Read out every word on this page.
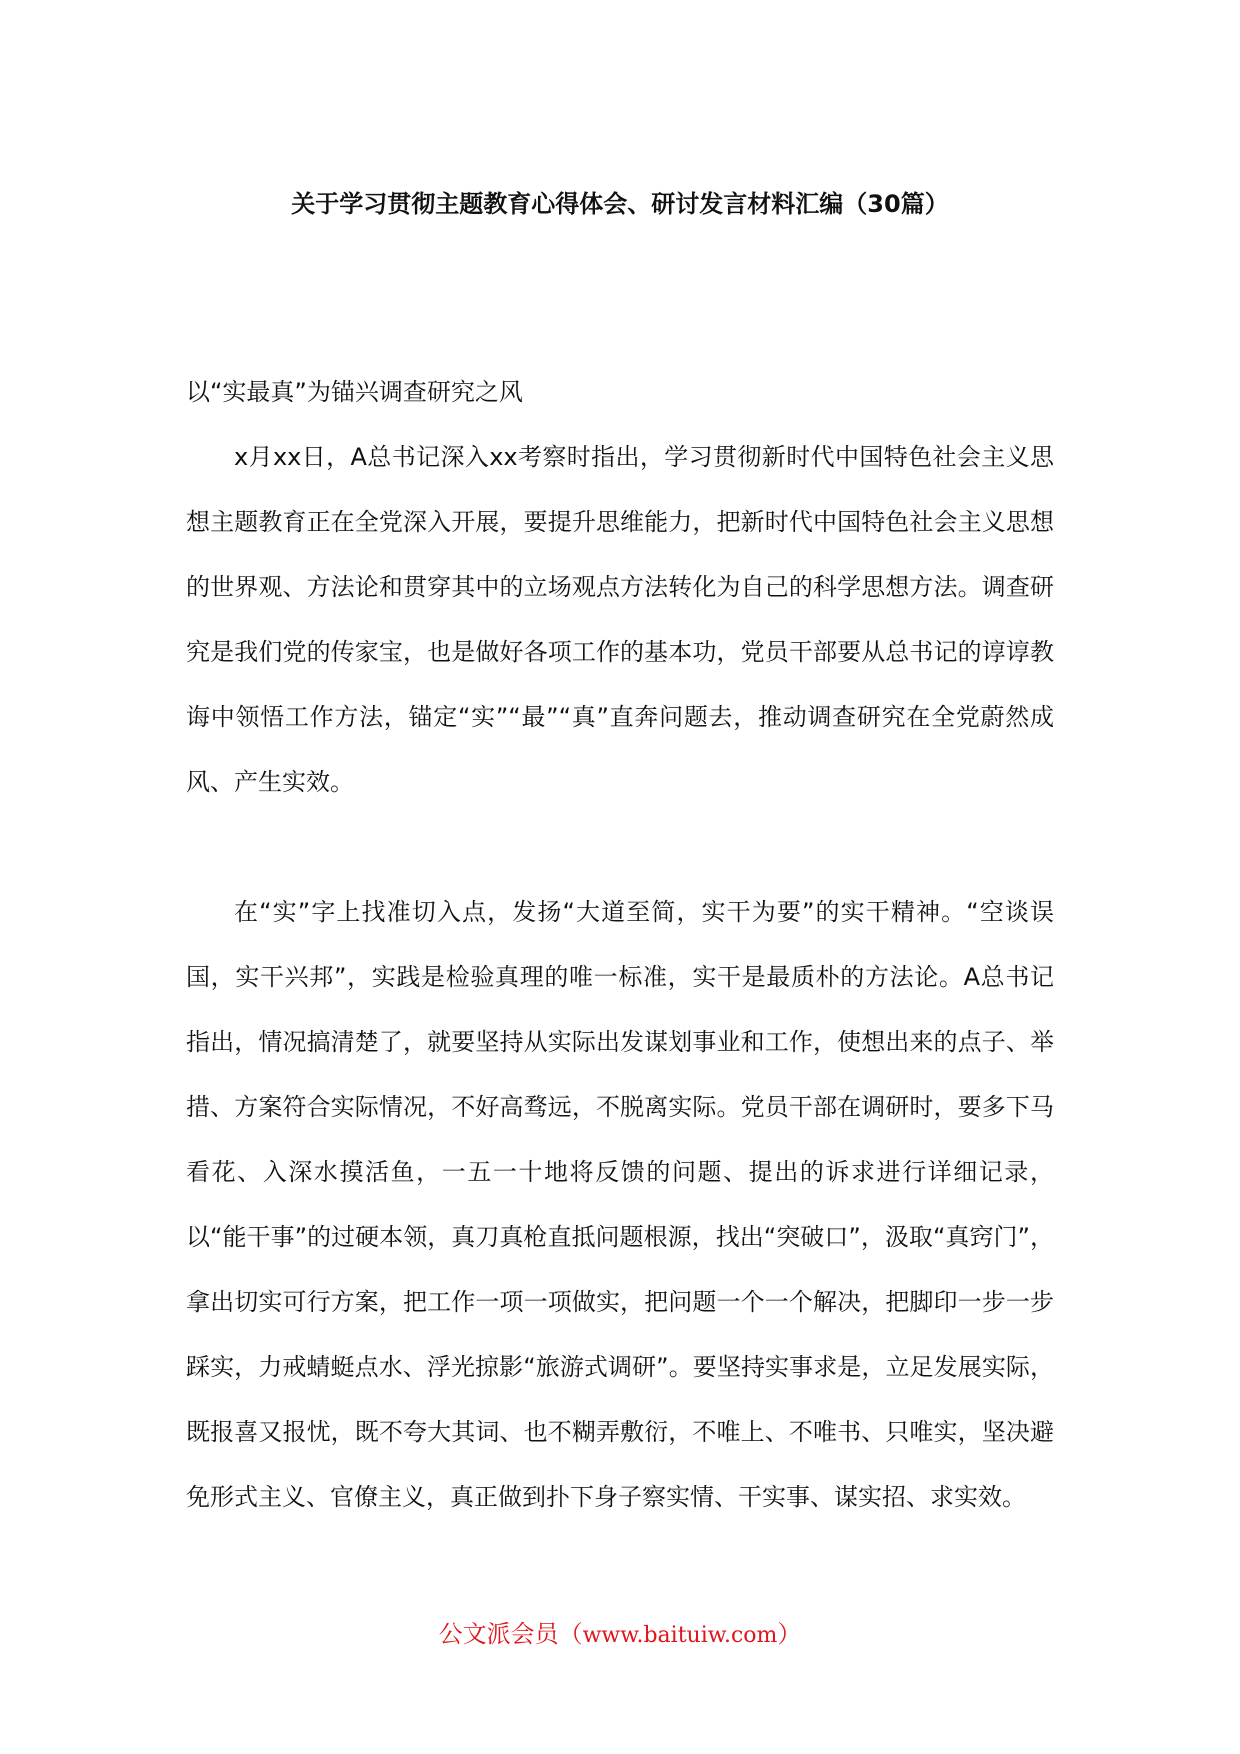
关于学习贯彻主题教育心得体会、研讨发言材料汇编（30篇）

以“实最真”为锚兴调查研究之风

x月xx日，A总书记深入xx考察时指出，学习贯彻新时代中国特色社会主义思想主题教育正在全党深入开展，要提升思维能力，把新时代中国特色社会主义思想的世界观、方法论和贯穿其中的立场观点方法转化为自己的科学思想方法。调查研究是我们党的传家宝，也是做好各项工作的基本功，党员干部要从总书记的谆谆教诲中领悟工作方法，锚定“实”“最”“真”直奔问题去，推动调查研究在全党蔚然成风、产生实效。

在“实”字上找准切入点，发扬“大道至简，实干为要”的实干精神。“空谈误国，实干兴邦”，实践是检验真理的唯一标准，实干是最质朴的方法论。A总书记指出，情况搞清楚了，就要坚持从实际出发谋划事业和工作，使想出来的点子、举措、方案符合实际情况，不好高骛远，不脱离实际。党员干部在调研时，要多下马看花、入深水摸活鱼，一五一十地将反馈的问题、提出的诉求进行详细记录，以“能干事”的过硬本领，真刀真枪直抵问题根源，找出“突破口”，汲取“真窍门”，拿出切实可行方案，把工作一项一项做实，把问题一个一个解决，把脚印一步一步踩实，力戒蜻蜓点水、浮光掠影“旅游式调研”。要坚持实事求是，立足发展实际，既报喜又报忧，既不夸大其词、也不糊弄敷衍，不唯上、不唯书、只唯实，坚决避免形式主义、官僚主义，真正做到扑下身子察实情、干实事、谋实招、求实效。

公文派会员（www.baituiw.com）
